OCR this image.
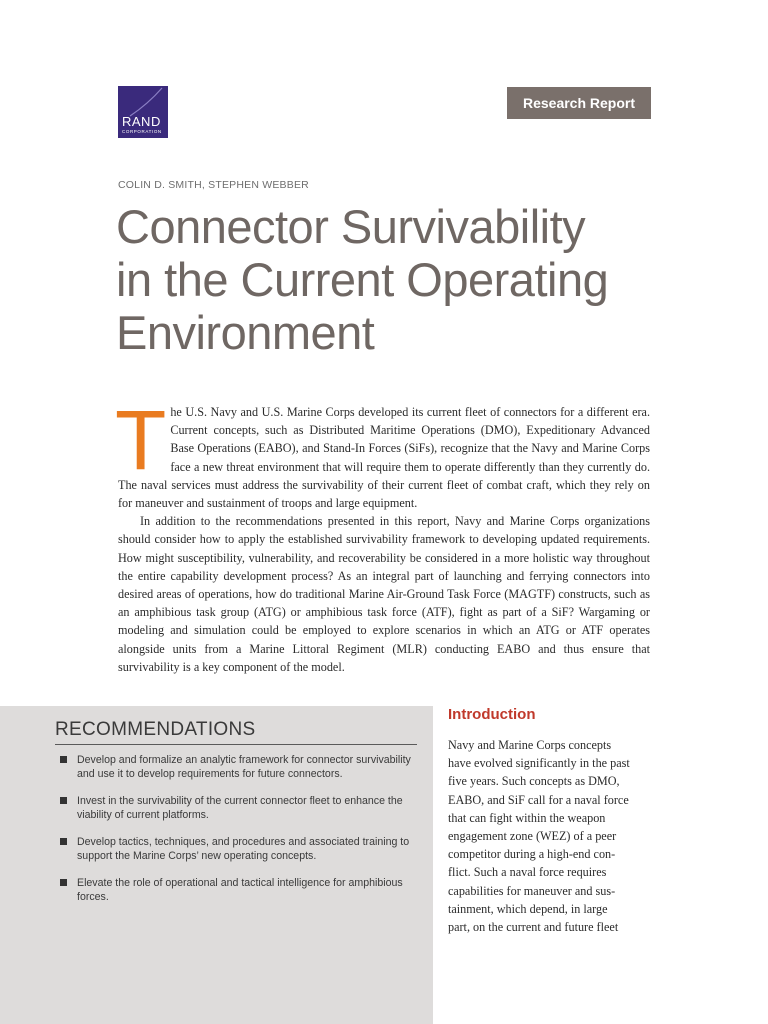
RAND
CORPORATION
Research Report
COLIN D. SMITH, STEPHEN WEBBER
Connector Survivability
in the Current Operating
Environment

The U.S. Navy and U.S. Marine Corps developed its current fleet of connectors for a different era. Current concepts, such as Distributed Maritime Operations (DMO), Expeditionary Advanced Base Operations (EABO), and Stand-In Forces (SiFs), recognize that the Navy and Marine Corps face a new threat environment that will require them to operate differently than they currently do. The naval services must address the survivability of their current fleet of combat craft, which they rely on for maneuver and sustainment of troops and large equipment.

In addition to the recommendations presented in this report, Navy and Marine Corps organizations should consider how to apply the established survivability framework to developing updated requirements. How might susceptibility, vulnerability, and recoverability be considered in a more holistic way throughout the entire capability development process? As an integral part of launching and ferrying connectors into desired areas of operations, how do traditional Marine Air-Ground Task Force (MAGTF) constructs, such as an amphibious task group (ATG) or amphibious task force (ATF), fight as part of a SiF? Wargaming or modeling and simulation could be employed to explore scenarios in which an ATG or ATF operates alongside units from a Marine Littoral Regiment (MLR) conducting EABO and thus ensure that survivability is a key component of the model.

RECOMMENDATIONS
Develop and formalize an analytic framework for connector survivability and use it to develop requirements for future connectors.
Invest in the survivability of the current connector fleet to enhance the viability of current platforms.
Develop tactics, techniques, and procedures and associated training to support the Marine Corps’ new operating concepts.
Elevate the role of operational and tactical intelligence for amphibious forces.
Introduction
Navy and Marine Corps concepts
have evolved significantly in the past
five years. Such concepts as DMO,
EABO, and SiF call for a naval force
that can fight within the weapon
engagement zone (WEZ) of a peer
competitor during a high-end con-
flict. Such a naval force requires
capabilities for maneuver and sus-
tainment, which depend, in large
part, on the current and future fleet
